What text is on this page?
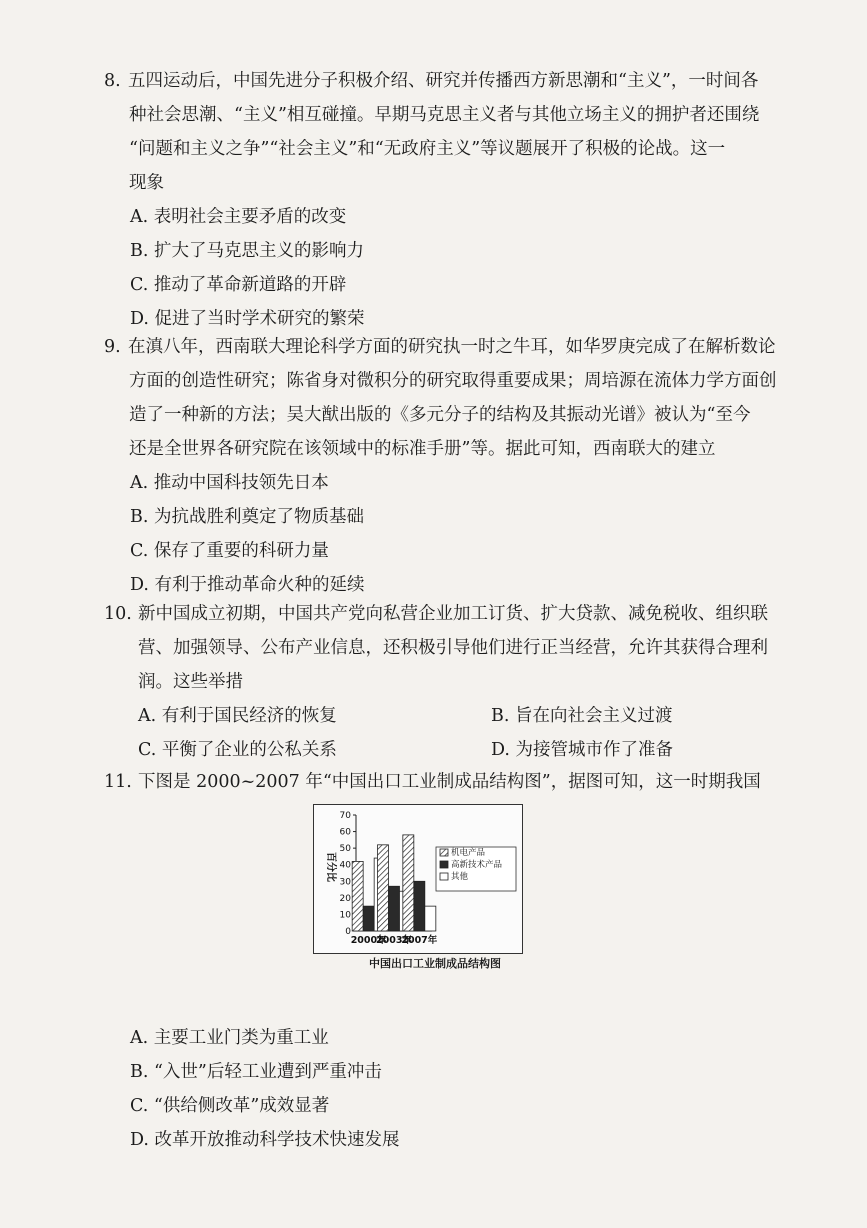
8. 五四运动后，中国先进分子积极介绍、研究并传播西方新思潮和“主义”，一时间各

种社会思潮、“主义”相互碰撞。早期马克思主义者与其他立场主义的拥护者还围绕

“问题和主义之争”“社会主义”和“无政府主义”等议题展开了积极的论战。这一

现象

A. 表明社会主要矛盾的改变

B. 扩大了马克思主义的影响力

C. 推动了革命新道路的开辟

D. 促进了当时学术研究的繁荣

9. 在滇八年，西南联大理论科学方面的研究执一时之牛耳，如华罗庚完成了在解析数论

方面的创造性研究；陈省身对微积分的研究取得重要成果；周培源在流体力学方面创

造了一种新的方法；吴大猷出版的《多元分子的结构及其振动光谱》被认为“至今

还是全世界各研究院在该领域中的标准手册”等。据此可知，西南联大的建立

A. 推动中国科技领先日本

B. 为抗战胜利奠定了物质基础

C. 保存了重要的科研力量

D. 有利于推动革命火种的延续

10. 新中国成立初期，中国共产党向私营企业加工订货、扩大贷款、减免税收、组织联

营、加强领导、公布产业信息，还积极引导他们进行正当经营，允许其获得合理利

润。这些举措

A. 有利于国民经济的恢复	B. 旨在向社会主义过渡

C. 平衡了企业的公私关系	D. 为接管城市作了准备

11. 下图是 2000~2007 年“中国出口工业制成品结构图”，据图可知，这一时期我国

0
10
20
30
40
50
60
70
百分比
2000年
2003年
2007年
机电产品
高新技术产品
其他
中国出口工业制成品结构图

A. 主要工业门类为重工业

B. “入世”后轻工业遭到严重冲击

C. “供给侧改革”成效显著

D. 改革开放推动科学技术快速发展
